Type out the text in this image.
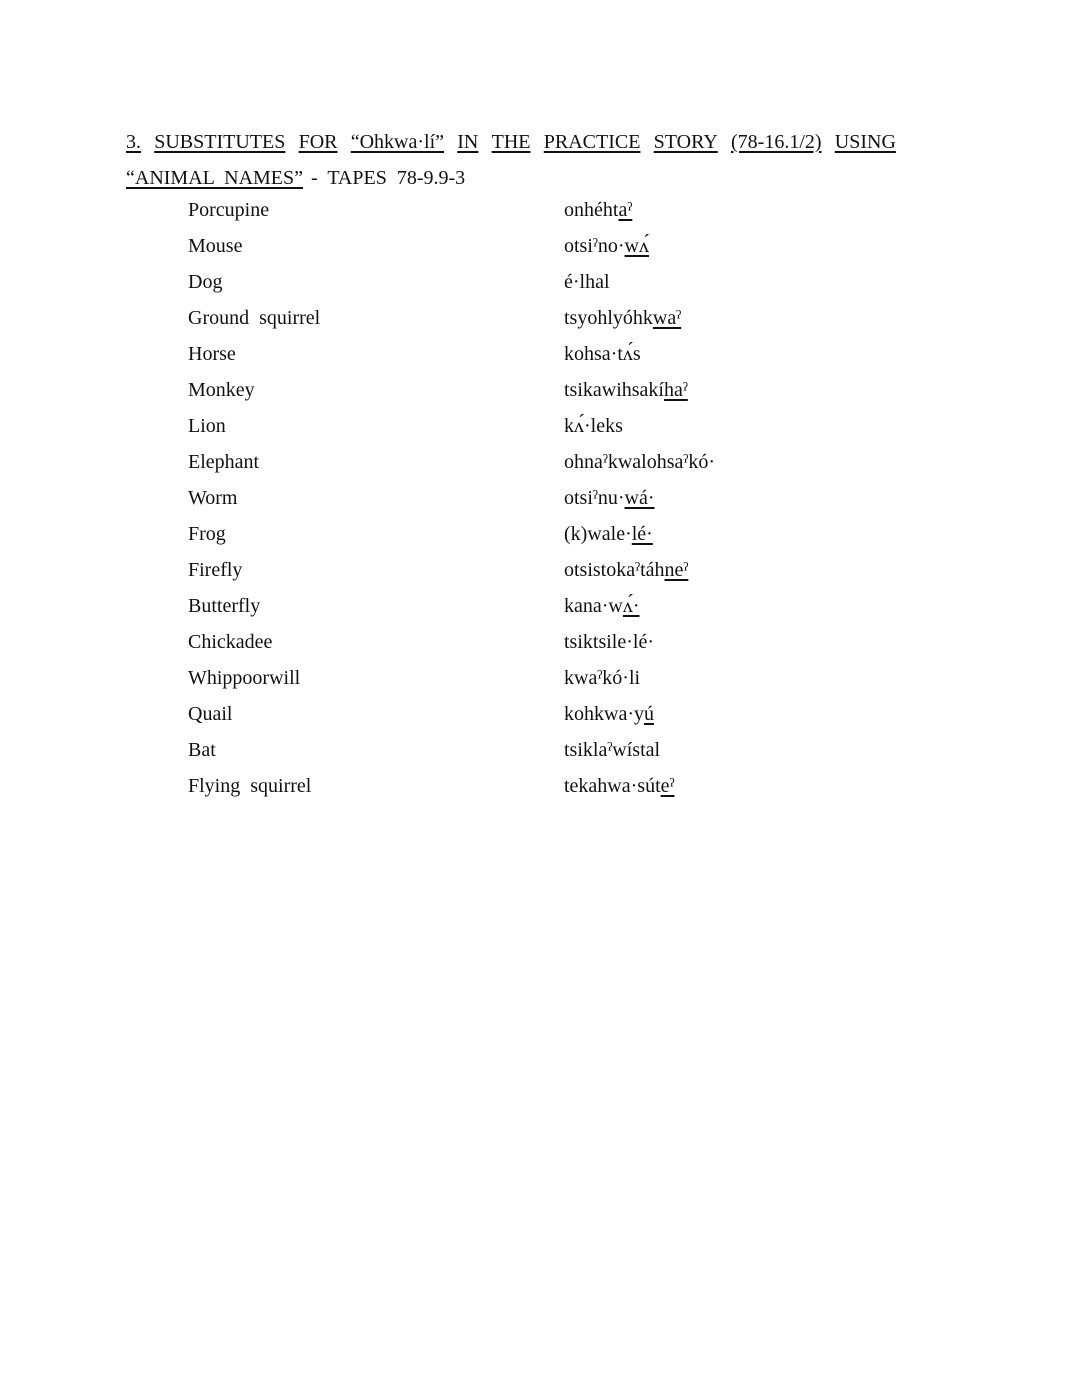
3. SUBSTITUTES FOR “Ohkwa·lí” IN THE PRACTICE STORY (78-16.1/2) USING
“ANIMAL  NAMES” -  TAPES  78-9.9-3
Porcupine	onhéhtaˀ
Mouse	otsiˀno·wʌ́
Dog	é·lhal
Ground  squirrel	tsyohlyóhkwaˀ
Horse	kohsa·tʌ́s
Monkey	tsikawihsakíhaˀ
Lion	kʌ́·leks
Elephant	ohnaˀkwalohsaˀkó·
Worm	otsiˀnu·wá·
Frog	(k)wale·lé·
Firefly	otsistokaˀtáhneˀ
Butterfly	kana·wʌ́·
Chickadee	tsiktsile·lé·
Whippoorwill	kwaˀkó·li
Quail	kohkwa·yú
Bat	tsiklaˀwístal
Flying  squirrel	tekahwa·súteˀ
